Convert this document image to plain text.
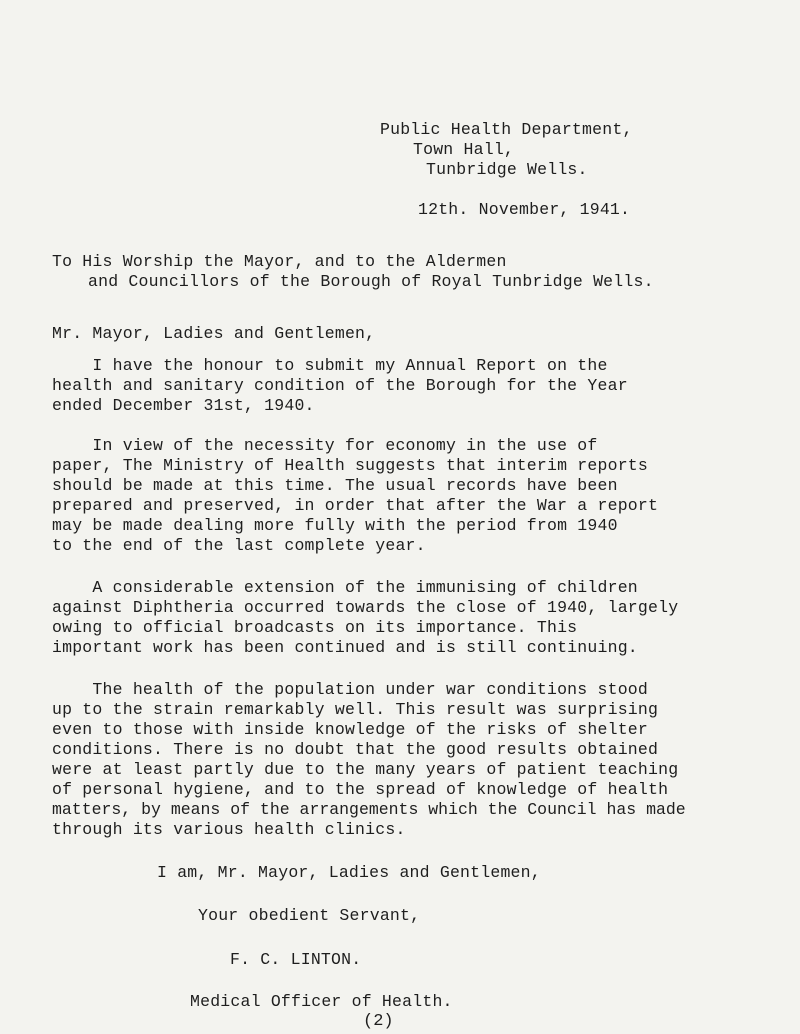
Public Health Department,
Town Hall,
Tunbridge Wells.
12th. November, 1941.
To His Worship the Mayor, and to the Aldermen
and Councillors of the Borough of Royal Tunbridge Wells.
Mr. Mayor, Ladies and Gentlemen,
I have the honour to submit my Annual Report on the
health and sanitary condition of the Borough for the Year
ended December 31st, 1940.
In view of the necessity for economy in the use of
paper, The Ministry of Health suggests that interim reports
should be made at this time. The usual records have been
prepared and preserved, in order that after the War a report
may be made dealing more fully with the period from 1940
to the end of the last complete year.
A considerable extension of the immunising of children
against Diphtheria occurred towards the close of 1940, largely
owing to official broadcasts on its importance. This
important work has been continued and is still continuing.
The health of the population under war conditions stood
up to the strain remarkably well. This result was surprising
even to those with inside knowledge of the risks of shelter
conditions. There is no doubt that the good results obtained
were at least partly due to the many years of patient teaching
of personal hygiene, and to the spread of knowledge of health
matters, by means of the arrangements which the Council has made
through its various health clinics.
I am, Mr. Mayor, Ladies and Gentlemen,
Your obedient Servant,
F. C. LINTON.
Medical Officer of Health.
(2)
